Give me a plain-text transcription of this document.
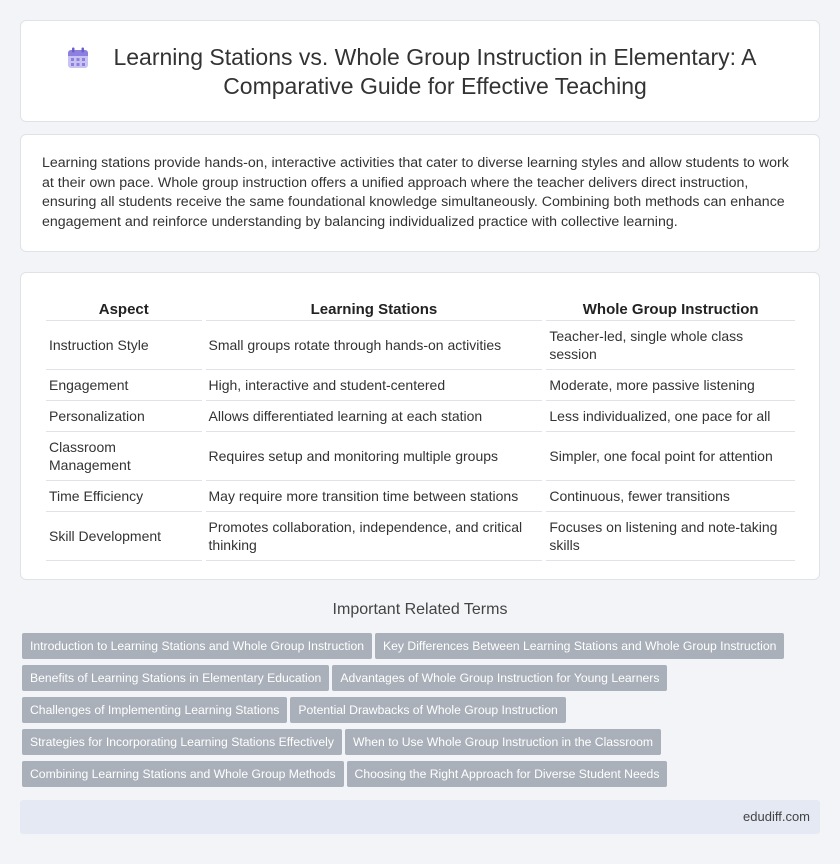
Learning Stations vs. Whole Group Instruction in Elementary: A Comparative Guide for Effective Teaching

Learning stations provide hands-on, interactive activities that cater to diverse learning styles and allow students to work at their own pace. Whole group instruction offers a unified approach where the teacher delivers direct instruction, ensuring all students receive the same foundational knowledge simultaneously. Combining both methods can enhance engagement and reinforce understanding by balancing individualized practice with collective learning.

Aspect	Learning Stations	Whole Group Instruction
Instruction Style	Small groups rotate through hands-on activities	Teacher-led, single whole class session
Engagement	High, interactive and student-centered	Moderate, more passive listening
Personalization	Allows differentiated learning at each station	Less individualized, one pace for all
Classroom Management	Requires setup and monitoring multiple groups	Simpler, one focal point for attention
Time Efficiency	May require more transition time between stations	Continuous, fewer transitions
Skill Development	Promotes collaboration, independence, and critical thinking	Focuses on listening and note-taking skills
Important Related Terms
Introduction to Learning Stations and Whole Group Instruction Key Differences Between Learning Stations and Whole Group Instruction
Benefits of Learning Stations in Elementary Education Advantages of Whole Group Instruction for Young Learners
Challenges of Implementing Learning Stations Potential Drawbacks of Whole Group Instruction
Strategies for Incorporating Learning Stations Effectively When to Use Whole Group Instruction in the Classroom
Combining Learning Stations and Whole Group Methods Choosing the Right Approach for Diverse Student Needs
edudiff.com
